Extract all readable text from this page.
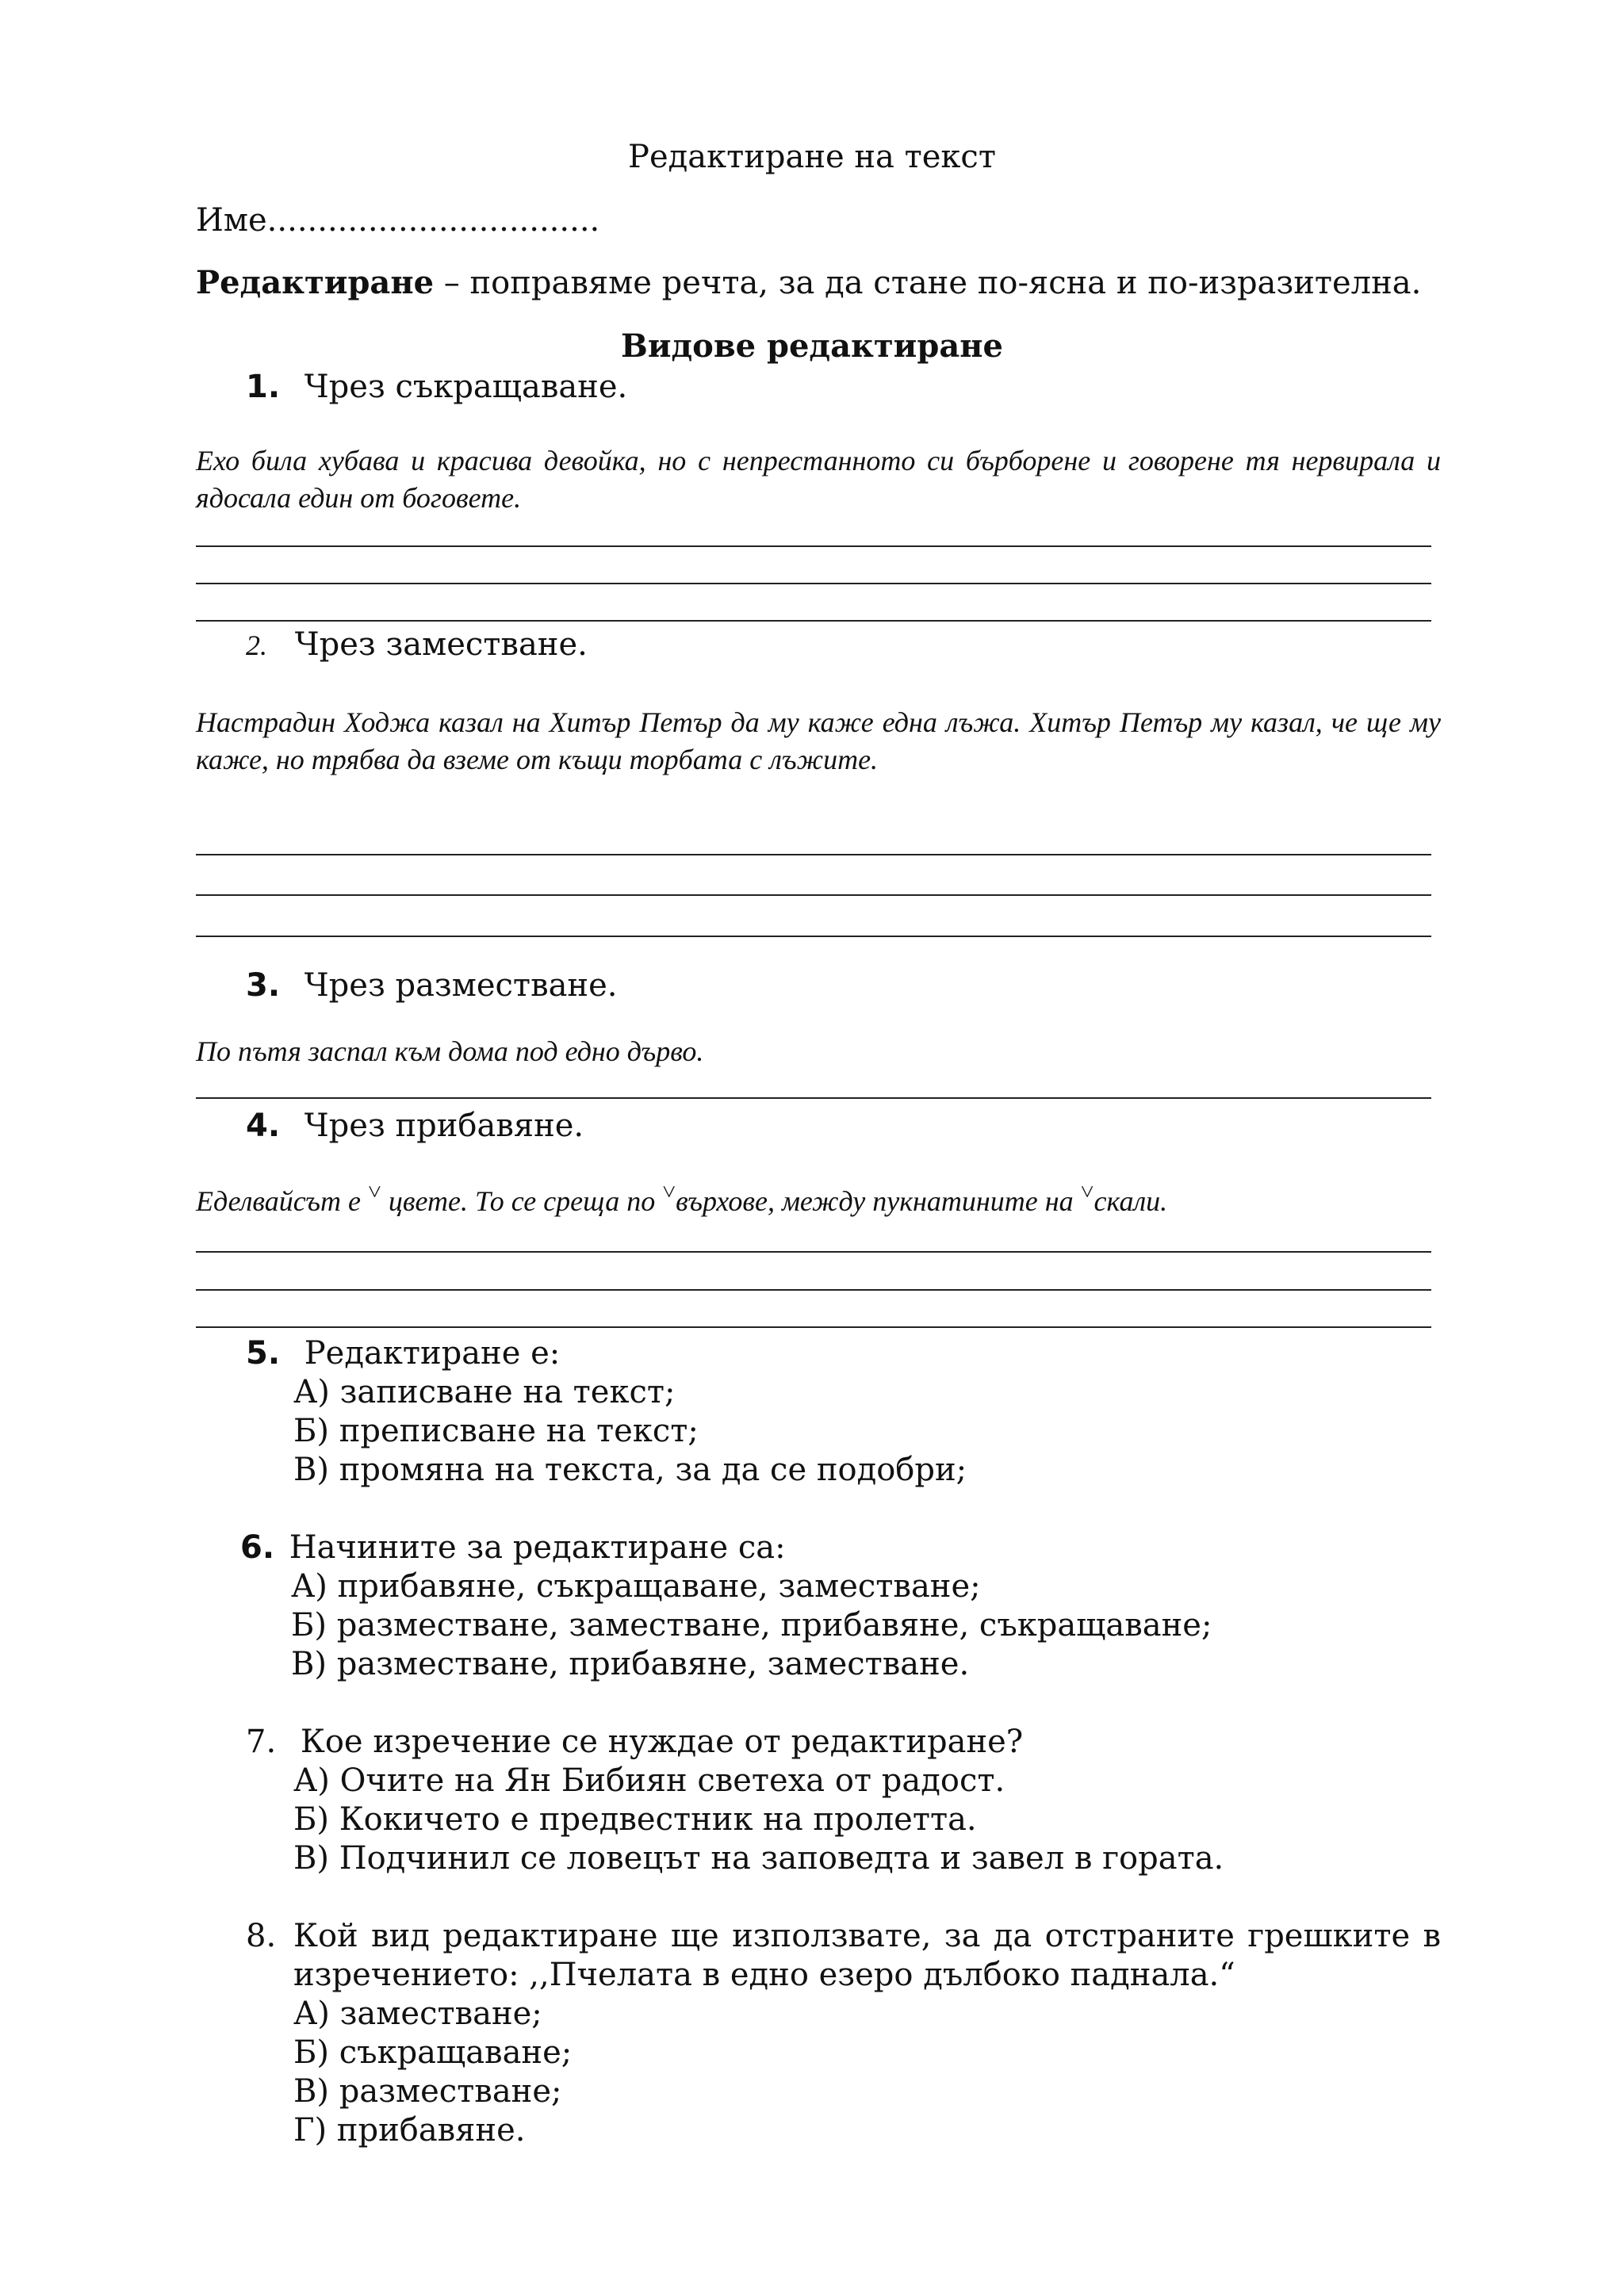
Редактиране на текст
Име.................................
Редактиране – поправяме речта, за да стане по-ясна и по-изразителна.
Видове редактиране
1. Чрез съкращаване.
Ехо била хубава и красива девойка, но с непрестанното си бърборене и говорене тя нервирала и
ядосала един от боговете.
2. Чрез заместване.
Настрадин Ходжа казал на Хитър Петър да му каже една лъжа. Хитър Петър му казал, че ще му
каже, но трябва да вземе от къщи торбата с лъжите.
3. Чрез разместване.
По пътя заспал към дома под едно дърво.
4. Чрез прибавяне.
Еделвайсът е ˅ цвете. То се среща по ˅върхове, между пукнатините на ˅скали.
5. Редактиране е:
А) записване на текст;
Б) преписване на текст;
В) промяна на текста, за да се подобри;
6. Начините за редактиране са:
А) прибавяне, съкращаване, заместване;
Б) разместване, заместване, прибавяне, съкращаване;
В) разместване, прибавяне, заместване.
7. Кое изречение се нуждае от редактиране?
А) Очите на Ян Бибиян светеха от радост.
Б) Кокичето е предвестник на пролетта.
В) Подчинил се ловецът на заповедта и завел в гората.
8. Кой вид редактиране ще използвате, за да отстраните грешките в
изречението: ,,Пчелата в едно езеро дълбоко паднала.“
А) заместване;
Б) съкращаване;
В) разместване;
Г) прибавяне.
